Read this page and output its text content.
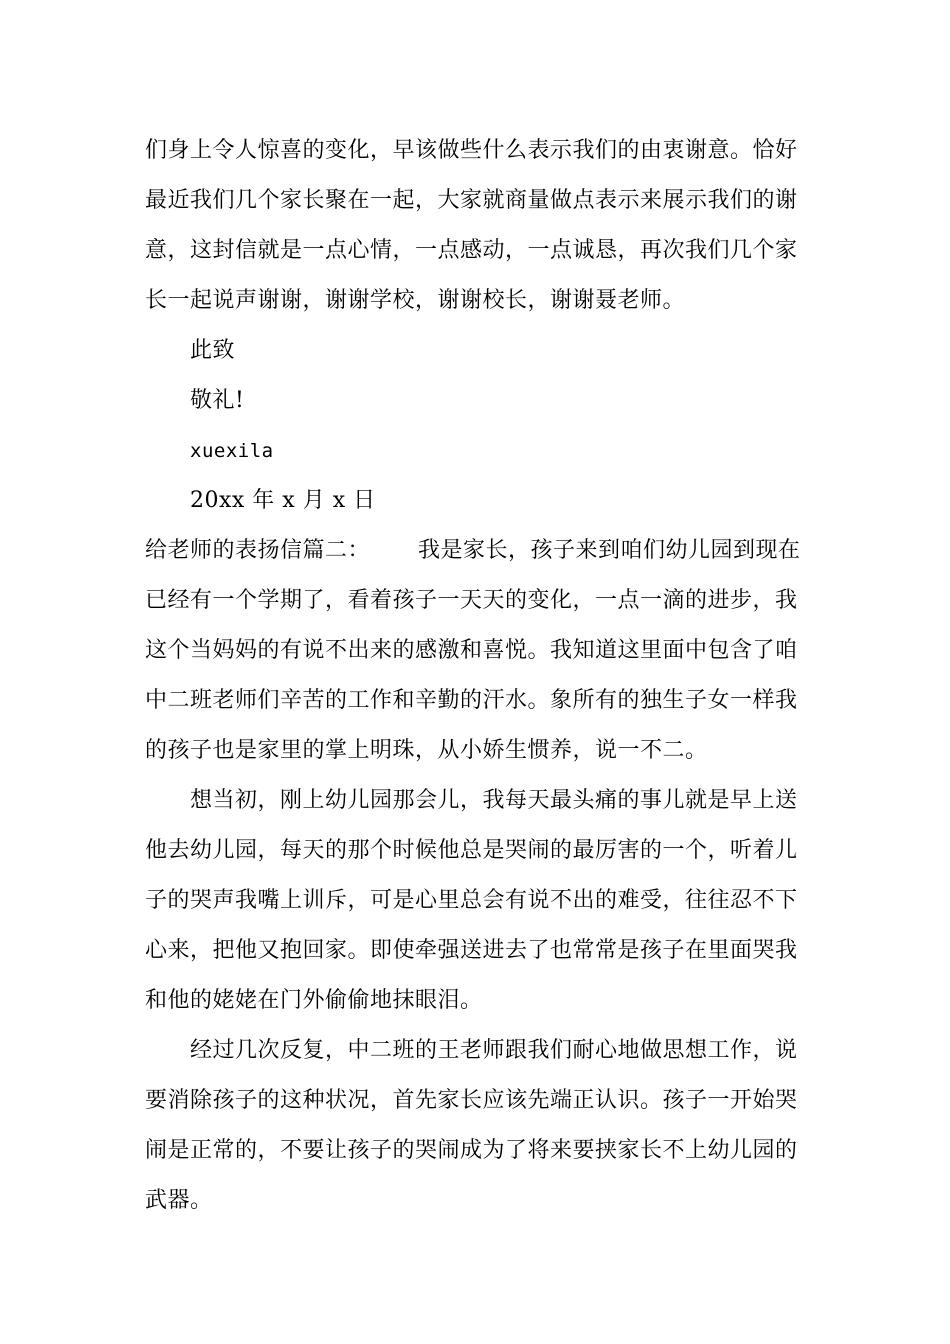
们身上令人惊喜的变化，早该做些什么表示我们的由衷谢意。恰好
最近我们几个家长聚在一起，大家就商量做点表示来展示我们的谢
意，这封信就是一点心情，一点感动，一点诚恳，再次我们几个家
长一起说声谢谢，谢谢学校，谢谢校长，谢谢聂老师。
此致
敬礼!
xuexila
20xx 年 x 月 x 日
给老师的表扬信篇二： 我是家长，孩子来到咱们幼儿园到现在
已经有一个学期了，看着孩子一天天的变化，一点一滴的进步，我
这个当妈妈的有说不出来的感激和喜悦。我知道这里面中包含了咱
中二班老师们辛苦的工作和辛勤的汗水。象所有的独生子女一样我
的孩子也是家里的掌上明珠，从小娇生惯养，说一不二。
想当初，刚上幼儿园那会儿，我每天最头痛的事儿就是早上送
他去幼儿园，每天的那个时候他总是哭闹的最厉害的一个，听着儿
子的哭声我嘴上训斥，可是心里总会有说不出的难受，往往忍不下
心来，把他又抱回家。即使牵强送进去了也常常是孩子在里面哭我
和他的姥姥在门外偷偷地抹眼泪。
经过几次反复，中二班的王老师跟我们耐心地做思想工作，说
要消除孩子的这种状况，首先家长应该先端正认识。孩子一开始哭
闹是正常的，不要让孩子的哭闹成为了将来要挟家长不上幼儿园的
武器。
